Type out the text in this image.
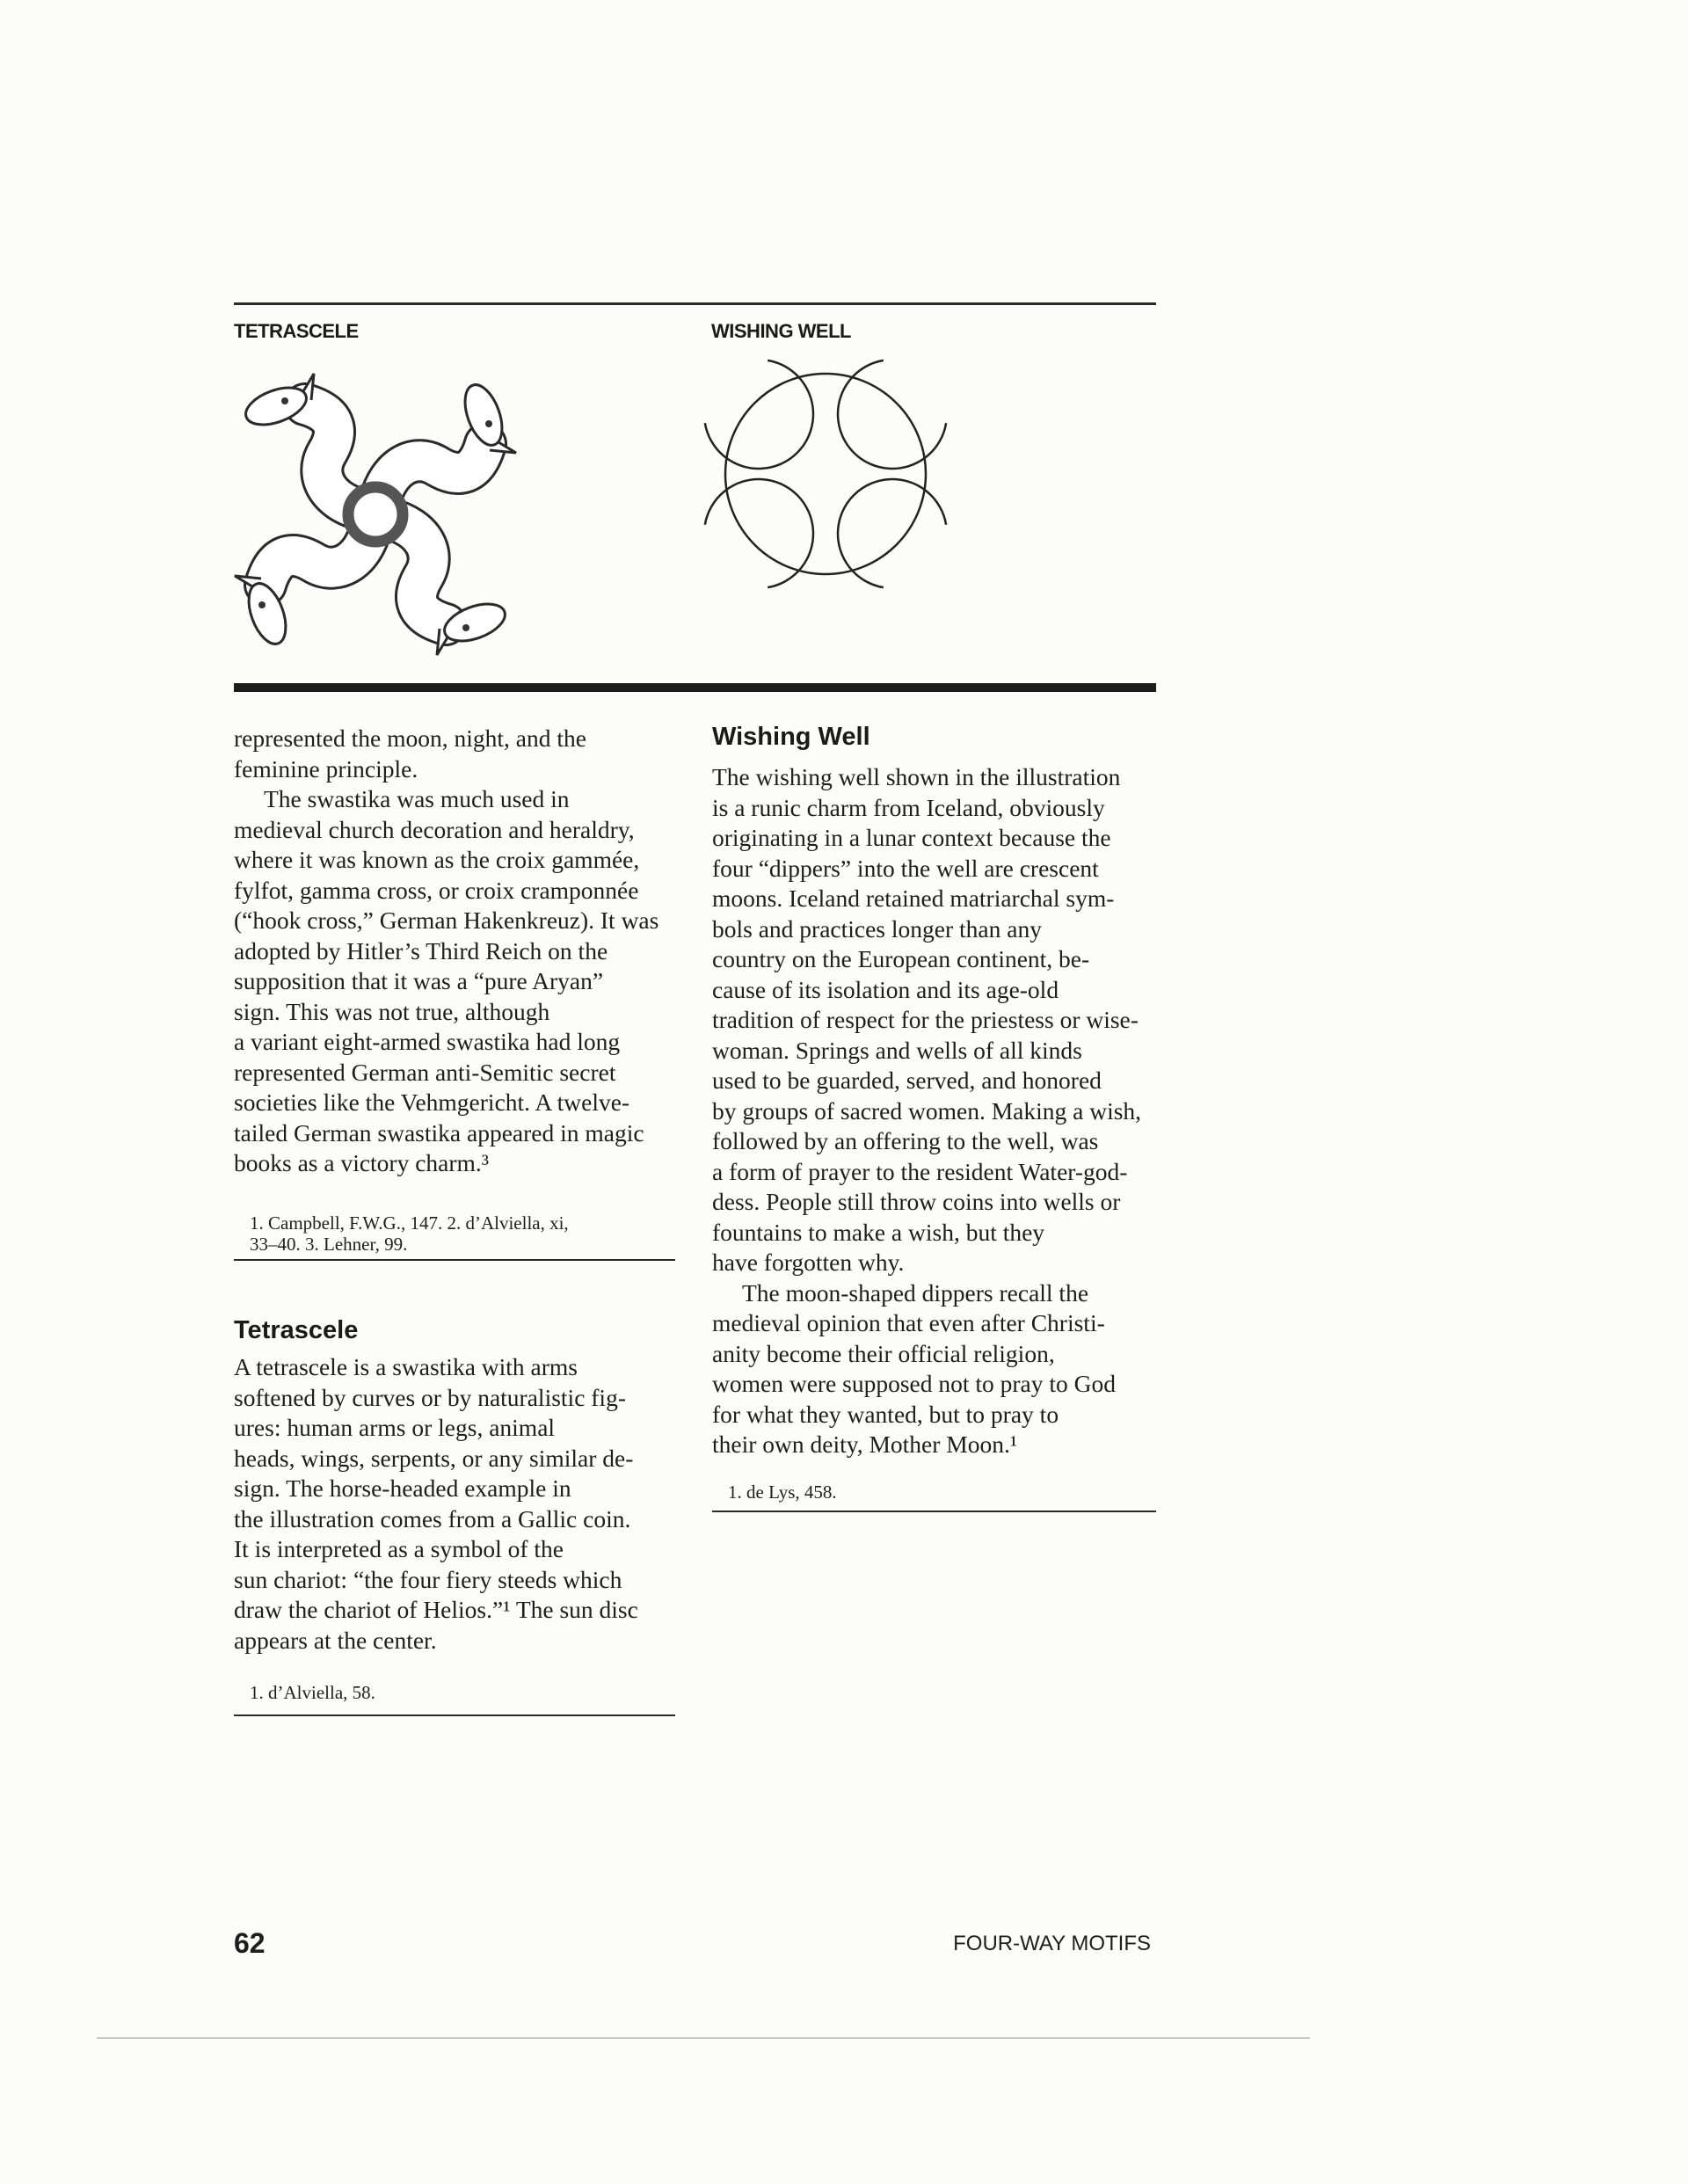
TETRASCELE	WISHING WELL
represented the moon, night, and the
feminine principle.
The swastika was much used in
medieval church decoration and heraldry,
where it was known as the croix gammée,
fylfot, gamma cross, or croix cramponnée
(“hook cross,” German Hakenkreuz). It was
adopted by Hitler’s Third Reich on the
supposition that it was a “pure Aryan”
sign. This was not true, although
a variant eight-armed swastika had long
represented German anti-Semitic secret
societies like the Vehmgericht. A twelve-
tailed German swastika appeared in magic
books as a victory charm.³
1. Campbell, F.W.G., 147. 2. d’Alviella, xi,
33–40. 3. Lehner, 99.
Tetrascele
A tetrascele is a swastika with arms
softened by curves or by naturalistic fig-
ures: human arms or legs, animal
heads, wings, serpents, or any similar de-
sign. The horse-headed example in
the illustration comes from a Gallic coin.
It is interpreted as a symbol of the
sun chariot: “the four fiery steeds which
draw the chariot of Helios.”¹ The sun disc
appears at the center.
1. d’Alviella, 58.
Wishing Well
The wishing well shown in the illustration
is a runic charm from Iceland, obviously
originating in a lunar context because the
four “dippers” into the well are crescent
moons. Iceland retained matriarchal sym-
bols and practices longer than any
country on the European continent, be-
cause of its isolation and its age-old
tradition of respect for the priestess or wise-
woman. Springs and wells of all kinds
used to be guarded, served, and honored
by groups of sacred women. Making a wish,
followed by an offering to the well, was
a form of prayer to the resident Water-god-
dess. People still throw coins into wells or
fountains to make a wish, but they
have forgotten why.
The moon-shaped dippers recall the
medieval opinion that even after Christi-
anity become their official religion,
women were supposed not to pray to God
for what they wanted, but to pray to
their own deity, Mother Moon.¹
1. de Lys, 458.
62	FOUR-WAY MOTIFS
